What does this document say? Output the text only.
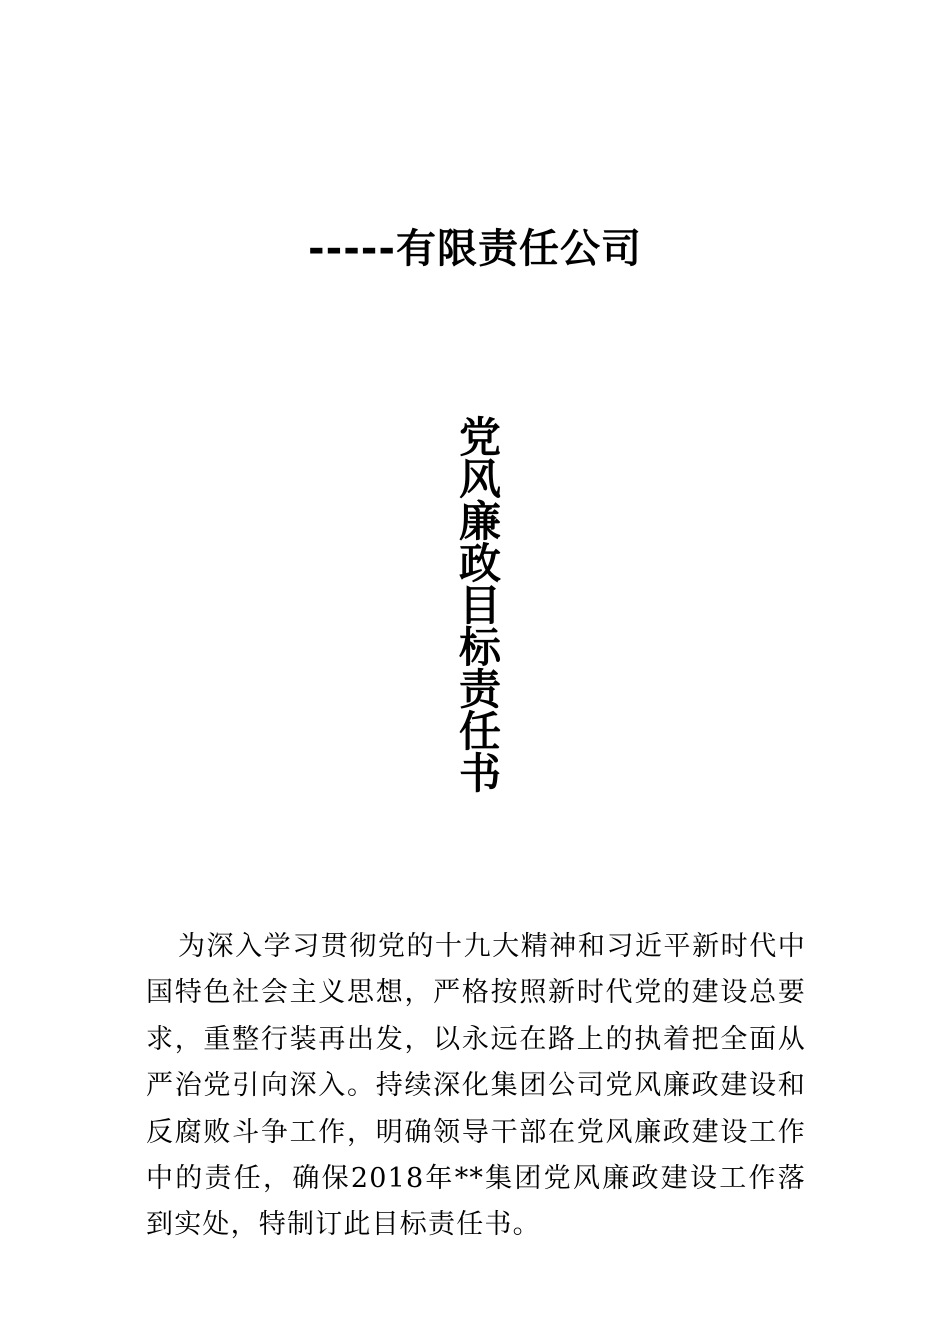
-----有限责任公司
党风廉政目标责任书

为深入学习贯彻党的十九大精神和习近平新时代中国特色社会主义思想，严格按照新时代党的建设总要求，重整行装再出发，以永远在路上的执着把全面从严治党引向深入。持续深化集团公司党风廉政建设和反腐败斗争工作，明确领导干部在党风廉政建设工作中的责任，确保2018年**集团党风廉政建设工作落到实处，特制订此目标责任书。
